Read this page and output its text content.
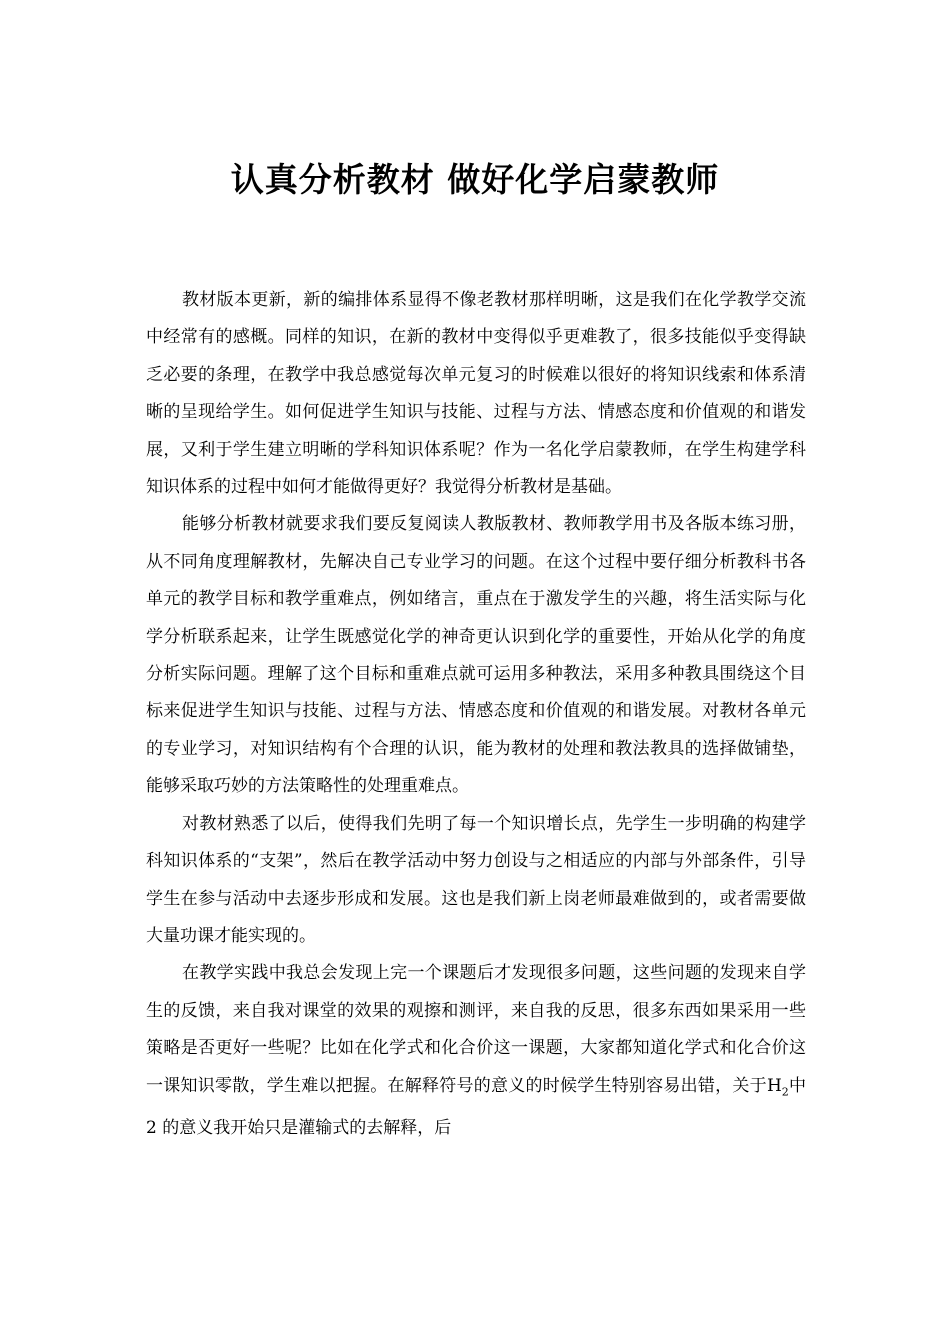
认真分析教材 做好化学启蒙教师

教材版本更新，新的编排体系显得不像老教材那样明晰，这是我们在化学教学交流中经常有的感概。同样的知识，在新的教材中变得似乎更难教了，很多技能似乎变得缺乏必要的条理，在教学中我总感觉每次单元复习的时候难以很好的将知识线索和体系清晰的呈现给学生。如何促进学生知识与技能、过程与方法、情感态度和价值观的和谐发展，又利于学生建立明晰的学科知识体系呢？作为一名化学启蒙教师，在学生构建学科知识体系的过程中如何才能做得更好？我觉得分析教材是基础。

能够分析教材就要求我们要反复阅读人教版教材、教师教学用书及各版本练习册，从不同角度理解教材，先解决自己专业学习的问题。在这个过程中要仔细分析教科书各单元的教学目标和教学重难点，例如绪言，重点在于激发学生的兴趣，将生活实际与化学分析联系起来，让学生既感觉化学的神奇更认识到化学的重要性，开始从化学的角度分析实际问题。理解了这个目标和重难点就可运用多种教法，采用多种教具围绕这个目标来促进学生知识与技能、过程与方法、情感态度和价值观的和谐发展。对教材各单元的专业学习，对知识结构有个合理的认识，能为教材的处理和教法教具的选择做铺垫，能够采取巧妙的方法策略性的处理重难点。

对教材熟悉了以后，使得我们先明了每一个知识增长点，先学生一步明确的构建学科知识体系的“支架”，然后在教学活动中努力创设与之相适应的内部与外部条件，引导学生在参与活动中去逐步形成和发展。这也是我们新上岗老师最难做到的，或者需要做大量功课才能实现的。

在教学实践中我总会发现上完一个课题后才发现很多问题，这些问题的发现来自学生的反馈，来自我对课堂的效果的观擦和测评，来自我的反思，很多东西如果采用一些策略是否更好一些呢？比如在化学式和化合价这一课题，大家都知道化学式和化合价这一课知识零散，学生难以把握。在解释符号的意义的时候学生特别容易出错，关于$H_2$中 2 的意义我开始只是灌输式的去解释，后
